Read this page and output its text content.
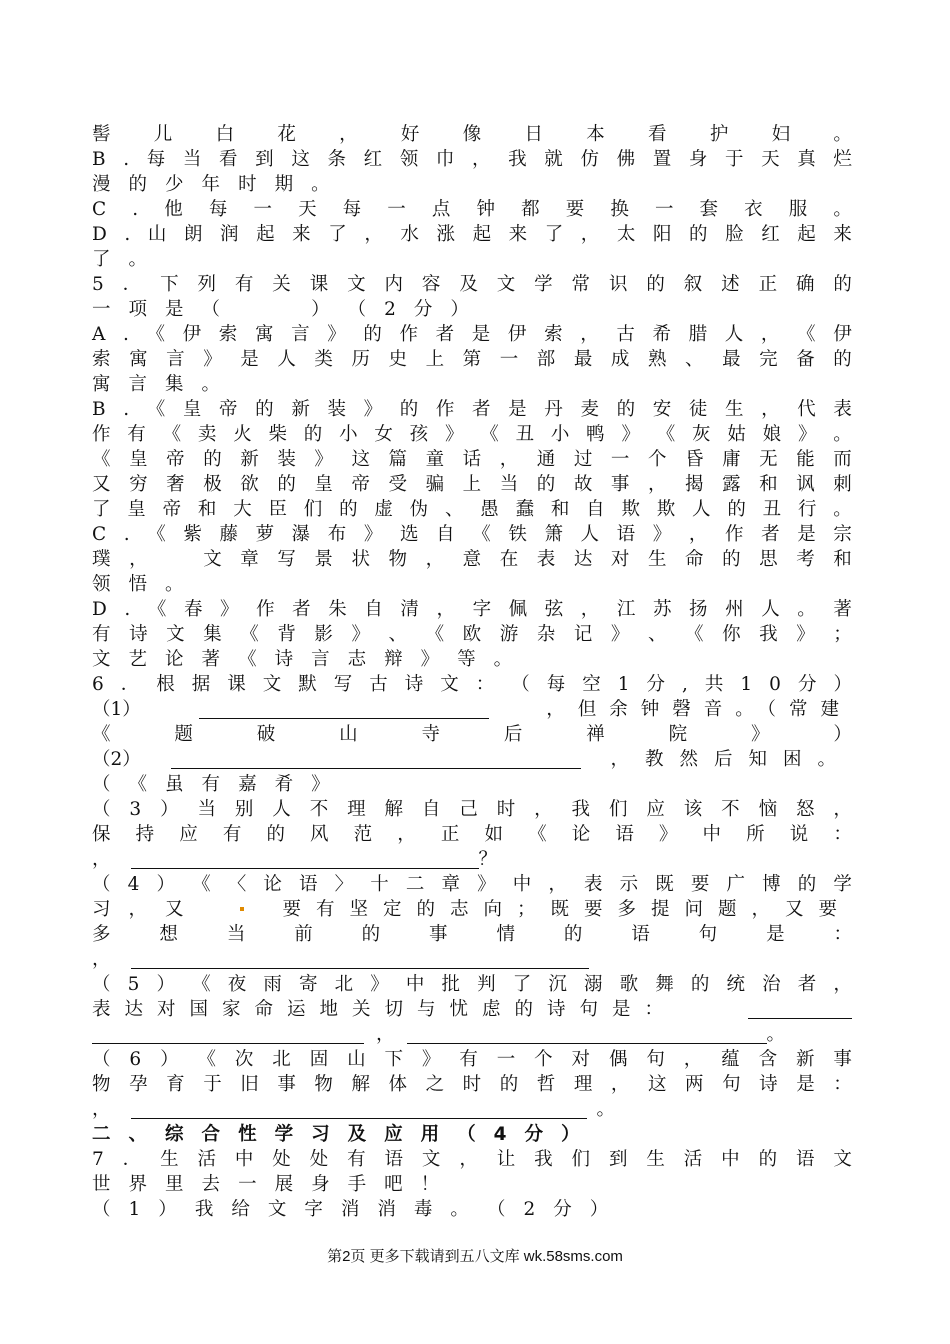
髻 儿 白 花 ， 好 像 日 本 看 护 妇 。
B . 每 当 看 到 这 条 红 领 巾 ， 我 就 仿 佛 置 身 于 天 真 烂
漫 的 少 年 时 期 。
C . 他 每 一 天 每 一 点 钟 都 要 换 一 套 衣 服 。
D . 山 朗 润 起 来 了 ， 水 涨 起 来 了 ， 太 阳 的 脸 红 起 来
了 。
5 ． 下 列 有 关 课 文 内 容 及 文 学 常 识 的 叙 述 正 确 的
一 项 是 （

　	） （ 2 分 ）
A . 《 伊 索 寓 言 》 的 作 者 是 伊 索 ， 古 希 腊 人 ， 《 伊
索 寓 言 》 是 人 类 历 史 上 第 一 部 最 成 熟 、 最 完 备 的
寓 言 集 。
B . 《 皇 帝 的 新 装 》 的 作 者 是 丹 麦 的 安 徒 生 ， 代 表
作 有 《 卖 火 柴 的 小 女 孩 》 《 丑 小 鸭 》 《 灰 姑 娘 》 。
《 皇 帝 的 新 装 》 这 篇 童 话 ， 通 过 一 个 昏 庸 无 能 而
又 穷 奢 极 欲 的 皇 帝 受 骗 上 当 的 故 事 ， 揭 露 和 讽 刺
了 皇 帝 和 大 臣 们 的 虚 伪 、 愚 蠢 和 自 欺 欺 人 的 丑 行 。
C . 《 紫 藤 萝 瀑 布 》 选 自 《 铁 箫 人 语 》 ， 作 者 是 宗
璞 ，
　	文 章 写 景 状 物 ， 意 在 表 达 对 生 命 的 思 考 和
领 悟 。
D . 《 春 》 作 者 朱 自 清 ， 字 佩 弦 ， 江 苏 扬 州 人 。 著
有 诗 文 集 《 背 影 》 、 《 欧 游 杂 记 》 、 《 你 我 》 ；
文 艺 论 著 《 诗 言 志 辩 》 等 。
6 ． 根 据 课 文 默 写 古 诗 文 ： （ 每 空 1 分 , 共 1 0 分 ）
（1）	，但余钟磬音。（常建
《	题	破	山	寺	后	禅	院	》	）
（2）	，教然后知困。
（ 《 虽 有 嘉 肴 》
（ 3 ） 当 别 人 不 理 解 自 己 时 ， 我 们 应 该 不 恼 怒 ，
保 持 应 有 的 风 范 ， 正 如 《 论 语 》 中 所 说 ：
，	？
（ 4 ） 《 〈 论 语 〉 十 二 章 》 中 ， 表 示 既 要 广 博 的 学
习，又	要有坚定的志向；既要多提问题，又要
多	想	当	前	的	事	情	的	语	句	是	：
，
（ 5 ） 《 夜 雨 寄 北 》 中 批 判 了 沉 溺 歌 舞 的 统 治 者 ，
表达对国家命运地关切与忧虑的诗句是：
，	。
（ 6 ） 《 次 北 固 山 下 》 有 一 个 对 偶 句 ， 蕴 含 新 事
物 孕 育 于 旧 事 物 解 体 之 时 的 哲 理 ， 这 两 句 诗 是 ：
，	。
二 、 综 合 性 学 习 及 应 用 （ 4 分 ）
7 ． 生 活 中 处 处 有 语 文 ， 让 我 们 到 生 活 中 的 语 文
世 界 里 去 一 展 身 手 吧 ！
（ 1 ） 我 给 文 字 消 消 毒 。 （ 2 分 ）
第2页 更多下载请到五八文库 wk.58sms.com
